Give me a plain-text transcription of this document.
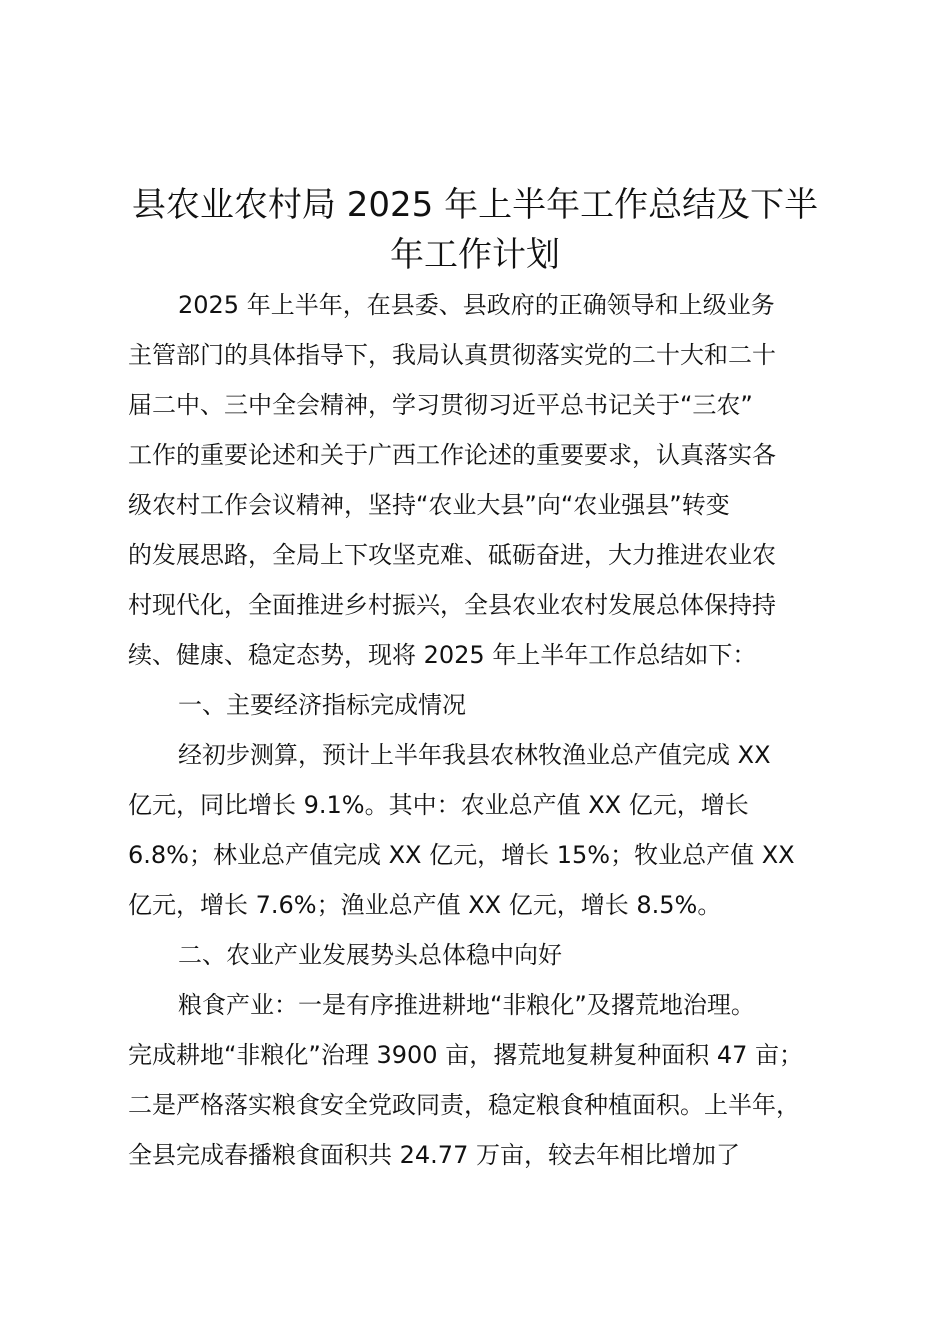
县农业农村局 2025 年上半年工作总结及下半
年工作计划

2025 年上半年，在县委、县政府的正确领导和上级业务

主管部门的具体指导下，我局认真贯彻落实党的二十大和二十

届二中、三中全会精神，学习贯彻习近平总书记关于“三农”

工作的重要论述和关于广西工作论述的重要要求，认真落实各

级农村工作会议精神，坚持“农业大县”向“农业强县”转变

的发展思路，全局上下攻坚克难、砥砺奋进，大力推进农业农

村现代化，全面推进乡村振兴，全县农业农村发展总体保持持

续、健康、稳定态势，现将 2025 年上半年工作总结如下：

一、主要经济指标完成情况

经初步测算，预计上半年我县农林牧渔业总产值完成 XX

亿元，同比增长 9.1%。其中：农业总产值 XX 亿元，增长

6.8%；林业总产值完成 XX 亿元，增长 15%；牧业总产值 XX

亿元，增长 7.6%；渔业总产值 XX 亿元，增长 8.5%。

二、农业产业发展势头总体稳中向好

粮食产业：一是有序推进耕地“非粮化”及撂荒地治理。

完成耕地“非粮化”治理 3900 亩，撂荒地复耕复种面积 47 亩；

二是严格落实粮食安全党政同责，稳定粮食种植面积。上半年，

全县完成春播粮食面积共 24.77 万亩，较去年相比增加了
